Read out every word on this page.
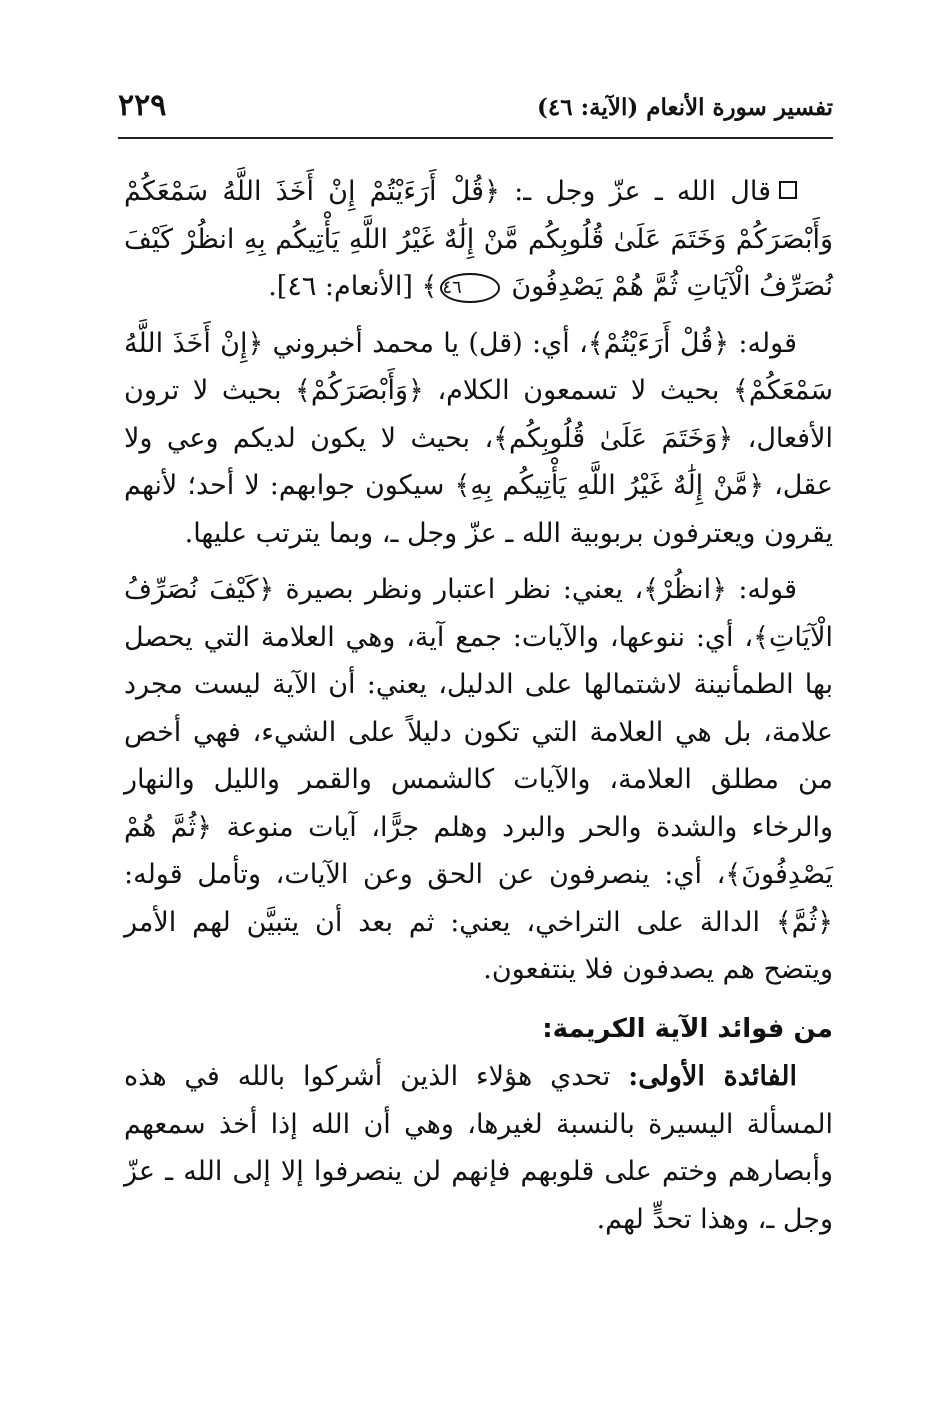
تفسير سورة الأنعام (الآية: ٤٦)
٢٢٩

قال الله ـ عزّ وجل ـ: ﴿قُلْ أَرَءَيْتُمْ إِنْ أَخَذَ اللَّهُ سَمْعَكُمْ وَأَبْصَرَكُمْ وَخَتَمَ عَلَىٰ قُلُوبِكُم مَّنْ إِلَٰهٌ غَيْرُ اللَّهِ يَأْتِيكُم بِهِ انظُرْ كَيْفَ نُصَرِّفُ الْآيَاتِ ثُمَّ هُمْ يَصْدِفُونَ ٤٦﴾ [الأنعام: ٤٦].

قوله: ﴿قُلْ أَرَءَيْتُمْ﴾، أي: (قل) يا محمد أخبروني ﴿إِنْ أَخَذَ اللَّهُ سَمْعَكُمْ﴾ بحيث لا تسمعون الكلام، ﴿وَأَبْصَرَكُمْ﴾ بحيث لا ترون الأفعال، ﴿وَخَتَمَ عَلَىٰ قُلُوبِكُم﴾، بحيث لا يكون لديكم وعي ولا عقل، ﴿مَّنْ إِلَٰهٌ غَيْرُ اللَّهِ يَأْتِيكُم بِهِ﴾ سيكون جوابهم: لا أحد؛ لأنهم يقرون ويعترفون بربوبية الله ـ عزّ وجل ـ، وبما يترتب عليها.

قوله: ﴿انظُرْ﴾، يعني: نظر اعتبار ونظر بصيرة ﴿كَيْفَ نُصَرِّفُ الْآيَاتِ﴾، أي: ننوعها، والآيات: جمع آية، وهي العلامة التي يحصل بها الطمأنينة لاشتمالها على الدليل، يعني: أن الآية ليست مجرد علامة، بل هي العلامة التي تكون دليلاً على الشيء، فهي أخص من مطلق العلامة، والآيات كالشمس والقمر والليل والنهار والرخاء والشدة والحر والبرد وهلم جرًّا، آيات منوعة ﴿ثُمَّ هُمْ يَصْدِفُونَ﴾، أي: ينصرفون عن الحق وعن الآيات، وتأمل قوله: ﴿ثُمَّ﴾ الدالة على التراخي، يعني: ثم بعد أن يتبيَّن لهم الأمر ويتضح هم يصدفون فلا ينتفعون.

من فوائد الآية الكريمة:

الفائدة الأولى: تحدي هؤلاء الذين أشركوا بالله في هذه المسألة اليسيرة بالنسبة لغيرها، وهي أن الله إذا أخذ سمعهم وأبصارهم وختم على قلوبهم فإنهم لن ينصرفوا إلا إلى الله ـ عزّ وجل ـ، وهذا تحدٍّ لهم.
